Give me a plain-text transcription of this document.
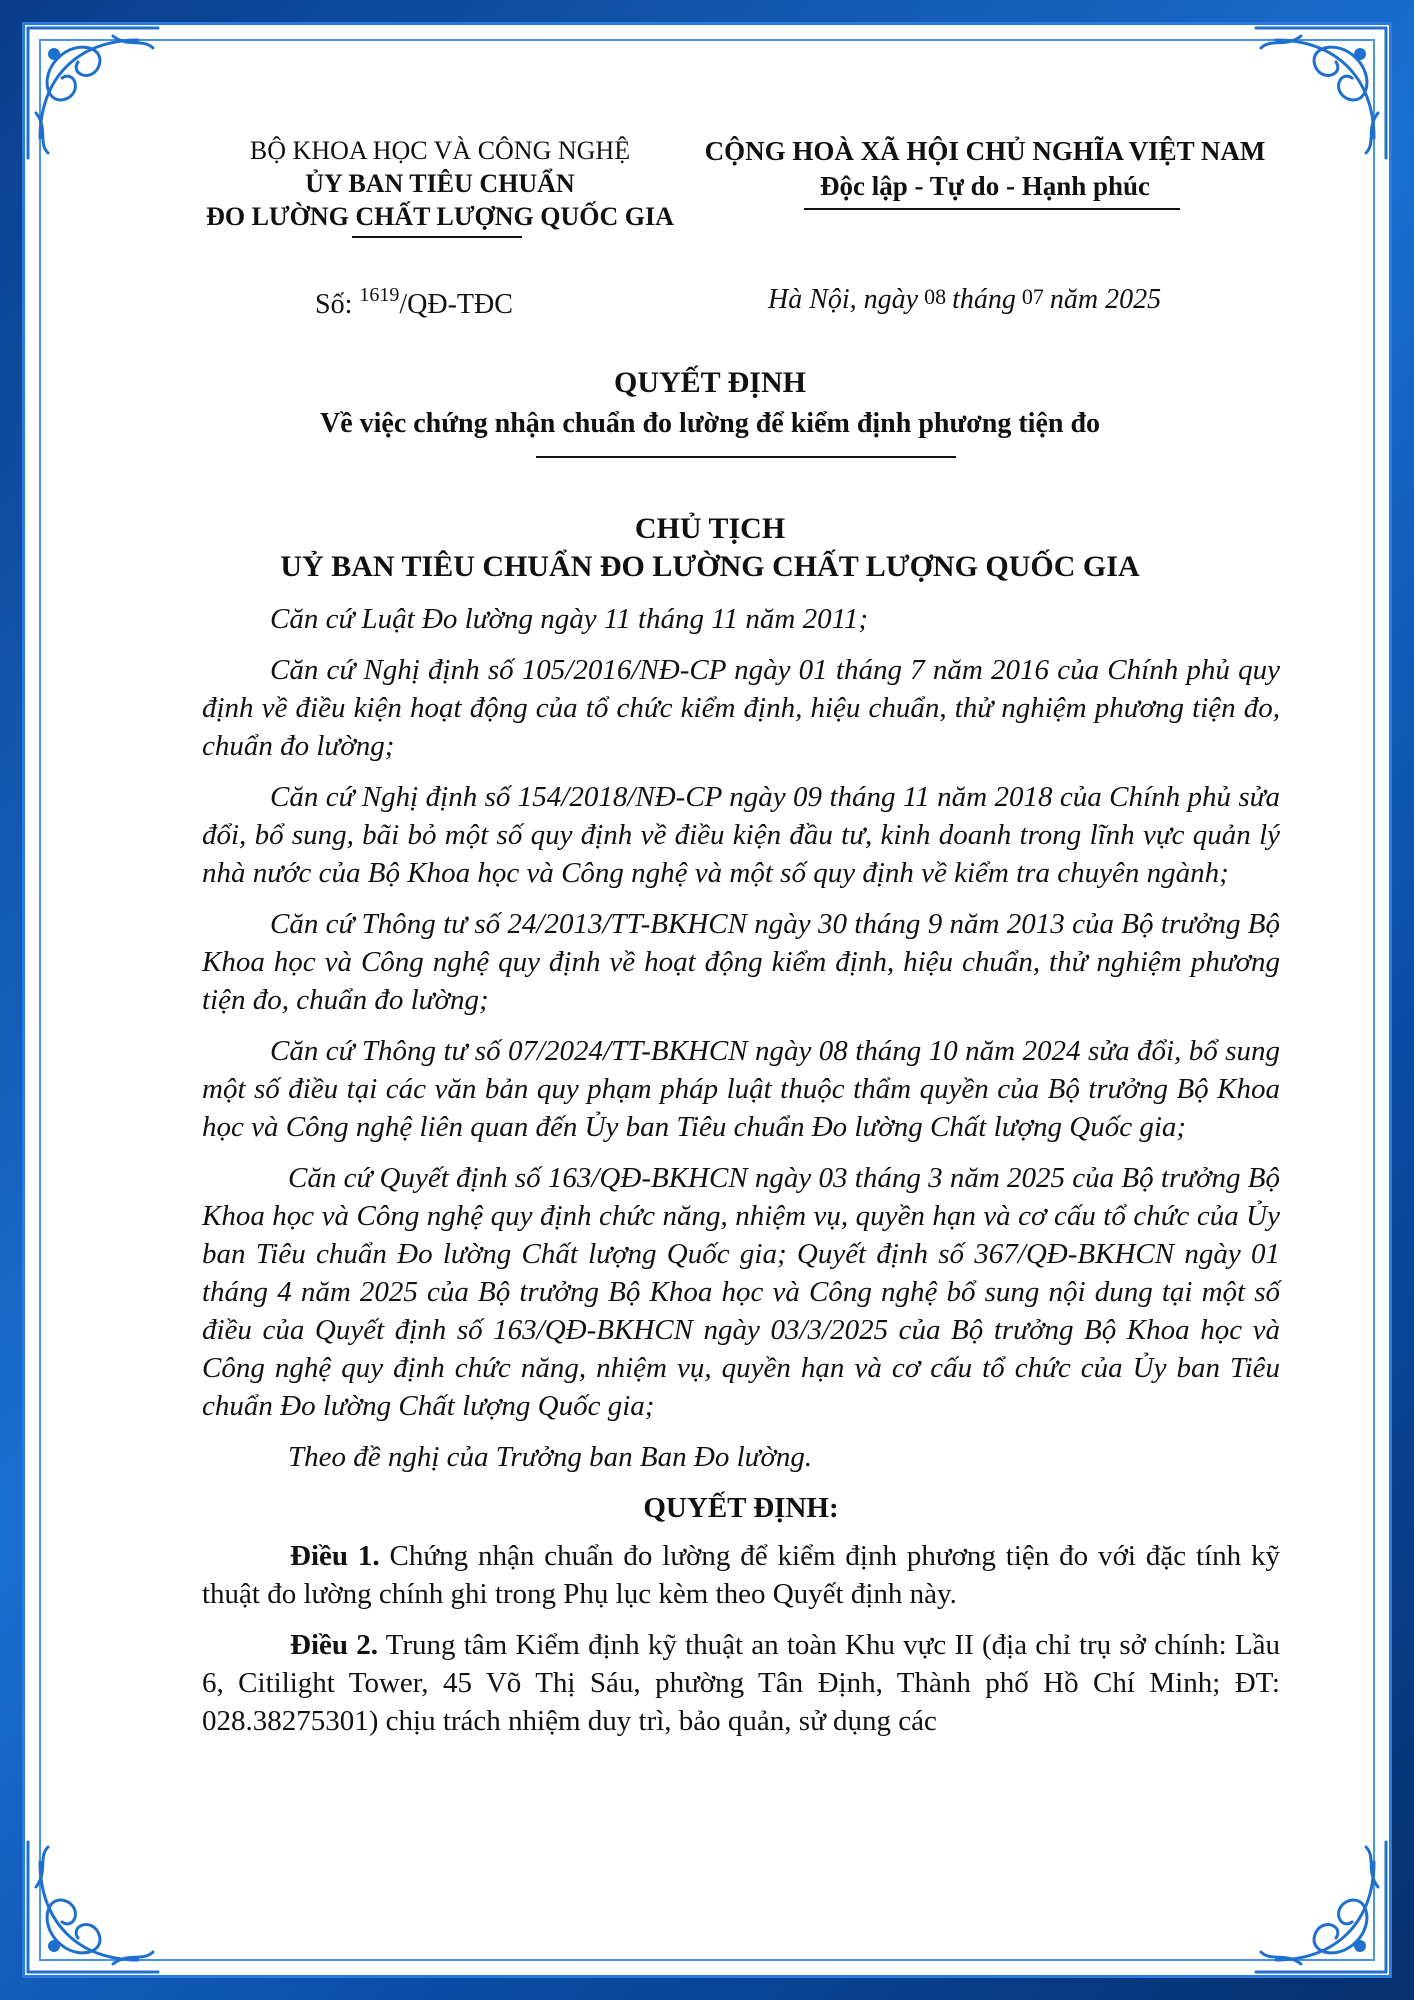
BỘ KHOA HỌC VÀ CÔNG NGHỆ
ỦY BAN TIÊU CHUẨN
ĐO LƯỜNG CHẤT LƯỢNG QUỐC GIA
CỘNG HOÀ XÃ HỘI CHỦ NGHĨA VIỆT NAM
Độc lập - Tự do - Hạnh phúc
Số: $^{1619}$/QĐ-TĐC	Hà Nội, ngày 08 tháng 07 năm 2025
QUYẾT ĐỊNH
Về việc chứng nhận chuẩn đo lường để kiểm định phương tiện đo
CHỦ TỊCH
UỶ BAN TIÊU CHUẨN ĐO LƯỜNG CHẤT LƯỢNG QUỐC GIA

Căn cứ Luật Đo lường ngày 11 tháng 11 năm 2011;

Căn cứ Nghị định số 105/2016/NĐ-CP ngày 01 tháng 7 năm 2016 của Chính phủ quy định về điều kiện hoạt động của tổ chức kiểm định, hiệu chuẩn, thử nghiệm phương tiện đo, chuẩn đo lường;

Căn cứ Nghị định số 154/2018/NĐ-CP ngày 09 tháng 11 năm 2018 của Chính phủ sửa đổi, bổ sung, bãi bỏ một số quy định về điều kiện đầu tư, kinh doanh trong lĩnh vực quản lý nhà nước của Bộ Khoa học và Công nghệ và một số quy định về kiểm tra chuyên ngành;

Căn cứ Thông tư số 24/2013/TT-BKHCN ngày 30 tháng 9 năm 2013 của Bộ trưởng Bộ Khoa học và Công nghệ quy định về hoạt động kiểm định, hiệu chuẩn, thử nghiệm phương tiện đo, chuẩn đo lường;

Căn cứ Thông tư số 07/2024/TT-BKHCN ngày 08 tháng 10 năm 2024 sửa đổi, bổ sung một số điều tại các văn bản quy phạm pháp luật thuộc thẩm quyền của Bộ trưởng Bộ Khoa học và Công nghệ liên quan đến Ủy ban Tiêu chuẩn Đo lường Chất lượng Quốc gia;

Căn cứ Quyết định số 163/QĐ-BKHCN ngày 03 tháng 3 năm 2025 của Bộ trưởng Bộ Khoa học và Công nghệ quy định chức năng, nhiệm vụ, quyền hạn và cơ cấu tổ chức của Ủy ban Tiêu chuẩn Đo lường Chất lượng Quốc gia; Quyết định số 367/QĐ-BKHCN ngày 01 tháng 4 năm 2025 của Bộ trưởng Bộ Khoa học và Công nghệ bổ sung nội dung tại một số điều của Quyết định số 163/QĐ-BKHCN ngày 03/3/2025 của Bộ trưởng Bộ Khoa học và Công nghệ quy định chức năng, nhiệm vụ, quyền hạn và cơ cấu tổ chức của Ủy ban Tiêu chuẩn Đo lường Chất lượng Quốc gia;

Theo đề nghị của Trưởng ban Ban Đo lường.

QUYẾT ĐỊNH:

Điều 1. Chứng nhận chuẩn đo lường để kiểm định phương tiện đo với đặc tính kỹ thuật đo lường chính ghi trong Phụ lục kèm theo Quyết định này.

Điều 2. Trung tâm Kiểm định kỹ thuật an toàn Khu vực II (địa chỉ trụ sở chính: Lầu 6, Citilight Tower, 45 Võ Thị Sáu, phường Tân Định, Thành phố Hồ Chí Minh; ĐT: 028.38275301) chịu trách nhiệm duy trì, bảo quản, sử dụng các
